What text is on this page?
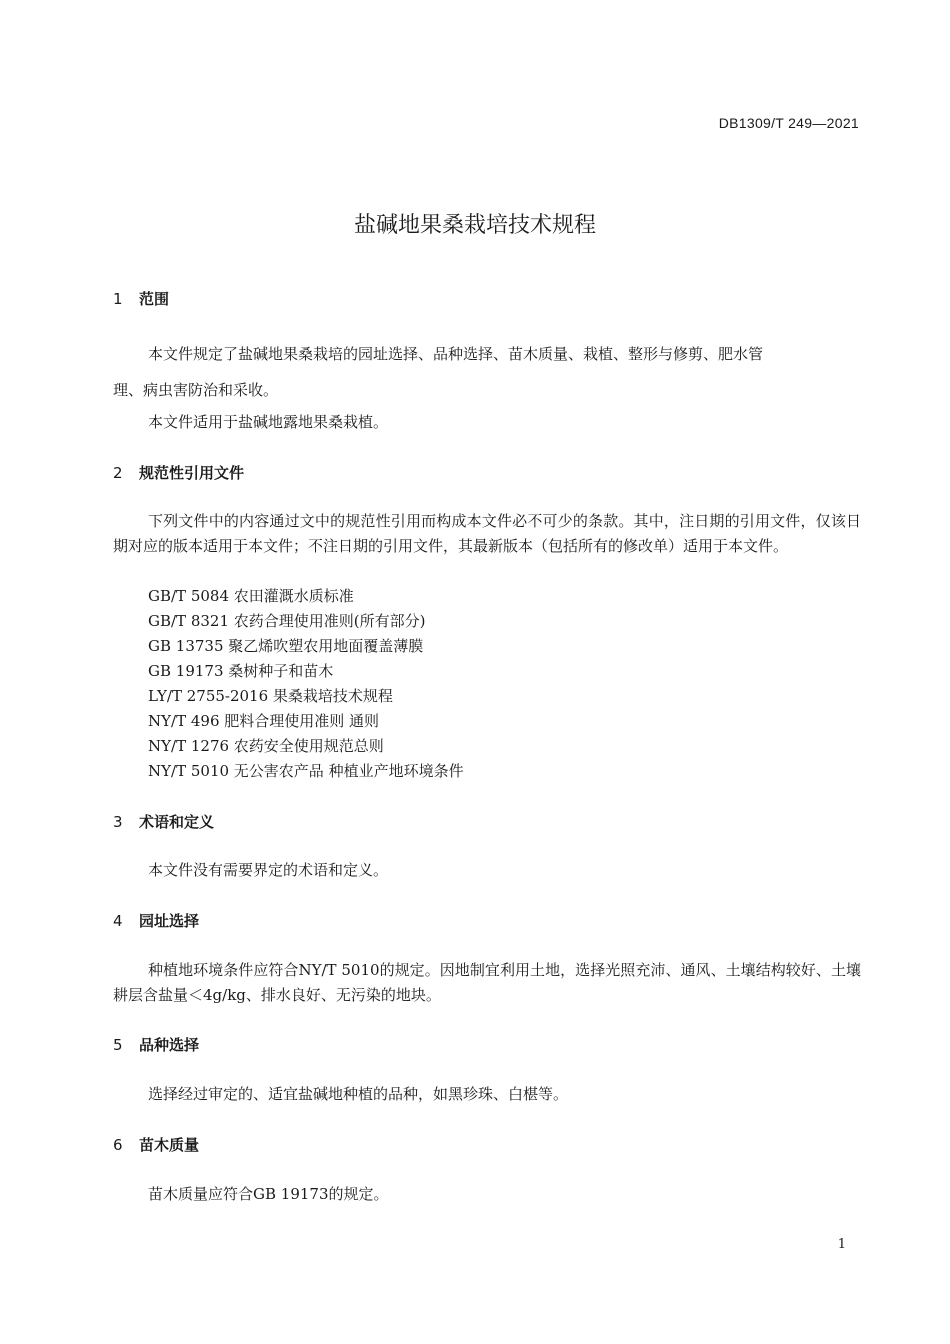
DB1309/T 249—2021
盐碱地果桑栽培技术规程
1 范围
本文件规定了盐碱地果桑栽培的园址选择、品种选择、苗木质量、栽植、整形与修剪、肥水管
理、病虫害防治和采收。
本文件适用于盐碱地露地果桑栽植。
2 规范性引用文件
下列文件中的内容通过文中的规范性引用而构成本文件必不可少的条款。其中，注日期的引用文件，仅该日期对应的版本适用于本文件；不注日期的引用文件，其最新版本（包括所有的修改单）适用于本文件。
GB/T 5084 农田灌溉水质标准
GB/T 8321 农药合理使用准则(所有部分)
GB 13735 聚乙烯吹塑农用地面覆盖薄膜
GB 19173 桑树种子和苗木
LY/T 2755-2016 果桑栽培技术规程
NY/T 496 肥料合理使用准则 通则
NY/T 1276 农药安全使用规范总则
NY/T 5010 无公害农产品 种植业产地环境条件
3 术语和定义
本文件没有需要界定的术语和定义。
4 园址选择
种植地环境条件应符合NY/T 5010的规定。因地制宜利用土地，选择光照充沛、通风、土壤结构较好、土壤耕层含盐量＜4g/kg、排水良好、无污染的地块。
5 品种选择
选择经过审定的、适宜盐碱地种植的品种，如黑珍珠、白椹等。
6 苗木质量
苗木质量应符合GB 19173的规定。
1
